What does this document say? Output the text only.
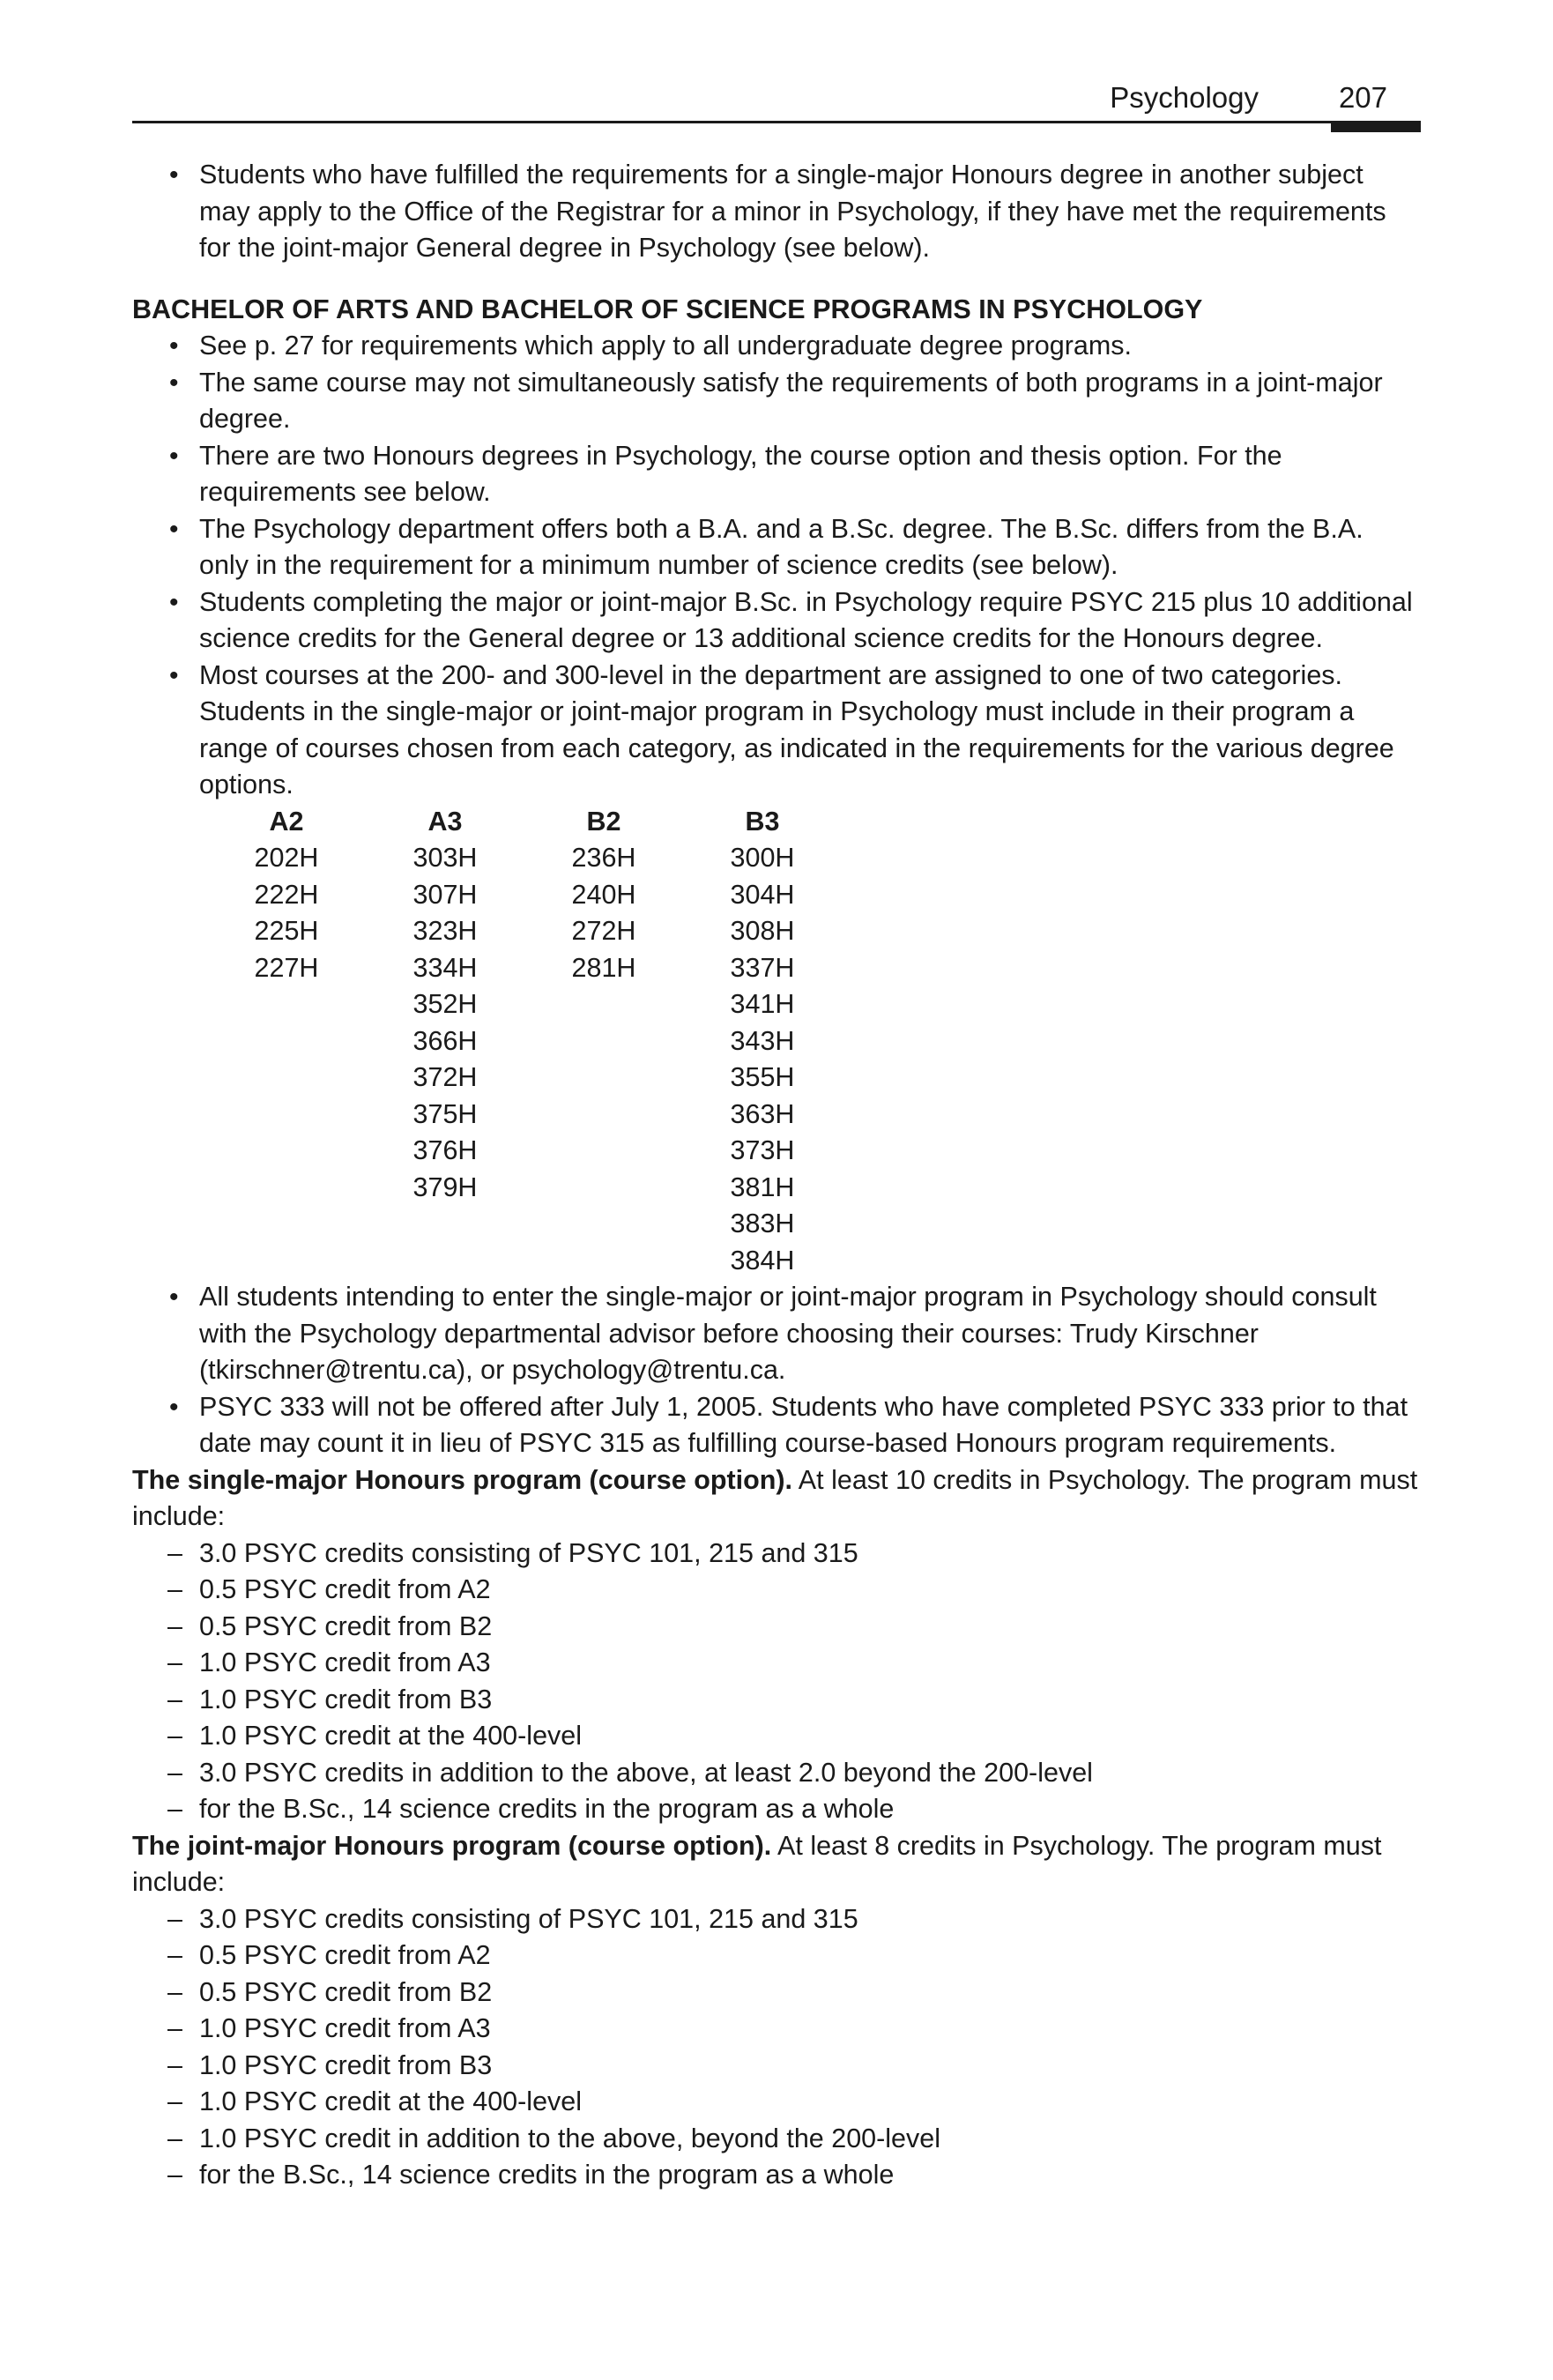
Psychology	207

• Students who have fulfilled the requirements for a single-major Honours degree in another subject may apply to the Office of the Registrar for a minor in Psychology, if they have met the requirements for the joint-major General degree in Psychology (see below).

BACHELOR OF ARTS AND BACHELOR OF SCIENCE PROGRAMS IN PSYCHOLOGY

• See p. 27 for requirements which apply to all undergraduate degree programs.

• The same course may not simultaneously satisfy the requirements of both programs in a joint-major degree.

• There are two Honours degrees in Psychology, the course option and thesis option. For the requirements see below.

• The Psychology department offers both a B.A. and a B.Sc. degree. The B.Sc. differs from the B.A. only in the requirement for a minimum number of science credits (see below).

• Students completing the major or joint-major B.Sc. in Psychology require PSYC 215 plus 10 additional science credits for the General degree or 13 additional science credits for the Honours degree.

• Most courses at the 200- and 300-level in the department are assigned to one of two categories. Students in the single-major or joint-major program in Psychology must include in their program a range of courses chosen from each category, as indicated in the requirements for the various degree options.

A2
202H
222H
225H
227H
A3
303H
307H
323H
334H
352H
366H
372H
375H
376H
379H
B2
236H
240H
272H
281H
B3
300H
304H
308H
337H
341H
343H
355H
363H
373H
381H
383H
384H

• All students intending to enter the single-major or joint-major program in Psychology should consult with the Psychology departmental advisor before choosing their courses: Trudy Kirschner (tkirschner@trentu.ca), or psychology@trentu.ca.

• PSYC 333 will not be offered after July 1, 2005. Students who have completed PSYC 333 prior to that date may count it in lieu of PSYC 315 as fulfilling course-based Honours program requirements.

The single-major Honours program (course option). At least 10 credits in Psychology. The program must include:

– 3.0 PSYC credits consisting of PSYC 101, 215 and 315
– 0.5 PSYC credit from A2
– 0.5 PSYC credit from B2
– 1.0 PSYC credit from A3
– 1.0 PSYC credit from B3
– 1.0 PSYC credit at the 400-level
– 3.0 PSYC credits in addition to the above, at least 2.0 beyond the 200-level
– for the B.Sc., 14 science credits in the program as a whole

The joint-major Honours program (course option). At least 8 credits in Psychology. The program must include:

– 3.0 PSYC credits consisting of PSYC 101, 215 and 315
– 0.5 PSYC credit from A2
– 0.5 PSYC credit from B2
– 1.0 PSYC credit from A3
– 1.0 PSYC credit from B3
– 1.0 PSYC credit at the 400-level
– 1.0 PSYC credit in addition to the above, beyond the 200-level
– for the B.Sc., 14 science credits in the program as a whole
